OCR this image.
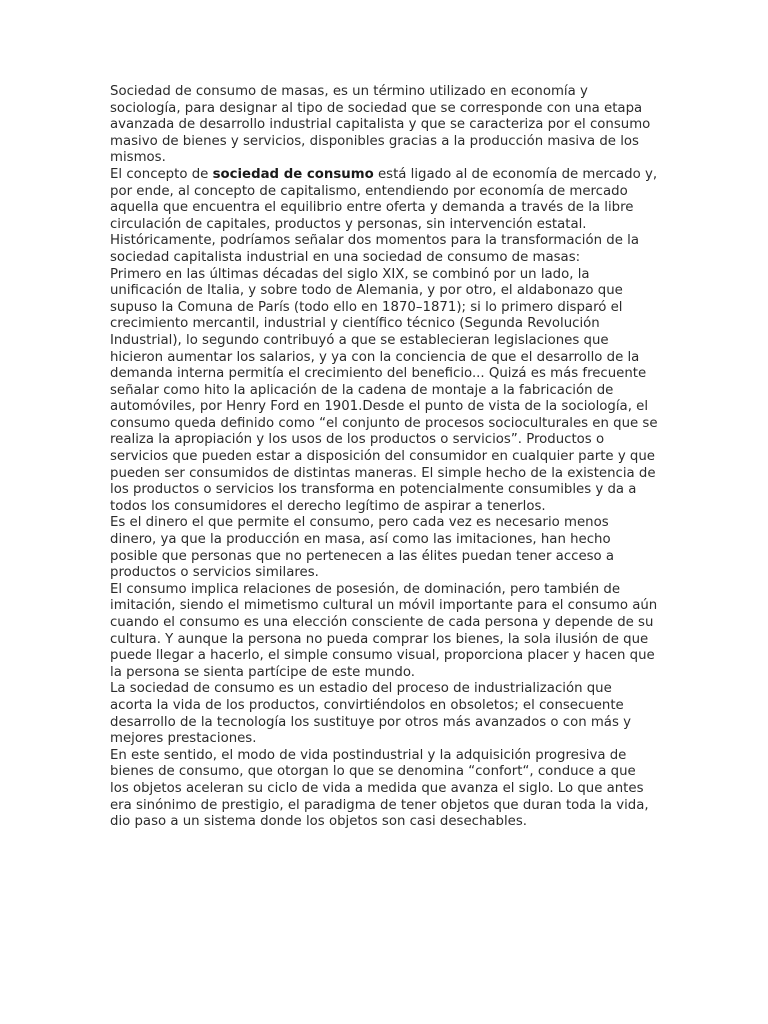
Sociedad de consumo de masas, es un término utilizado en economía y sociología, para designar al tipo de sociedad que se corresponde con una etapa avanzada de desarrollo industrial capitalista y que se caracteriza por el consumo masivo de bienes y servicios, disponibles gracias a la producción masiva de los mismos.

El concepto de sociedad de consumo está ligado al de economía de mercado y, por ende, al concepto de capitalismo, entendiendo por economía de mercado aquella que encuentra el equilibrio entre oferta y demanda a través de la libre circulación de capitales, productos y personas, sin intervención estatal. Históricamente, podríamos señalar dos momentos para la transformación de la sociedad capitalista industrial en una sociedad de consumo de masas:

Primero en las últimas décadas del siglo XIX, se combinó por un lado, la unificación de Italia, y sobre todo de Alemania, y por otro, el aldabonazo que supuso la Comuna de París (todo ello en 1870–1871); si lo primero disparó el crecimiento mercantil, industrial y científico técnico (Segunda Revolución Industrial), lo segundo contribuyó a que se establecieran legislaciones que hicieron aumentar los salarios, y ya con la conciencia de que el desarrollo de la demanda interna permitía el crecimiento del beneficio... Quizá es más frecuente señalar como hito la aplicación de la cadena de montaje a la fabricación de automóviles, por Henry Ford en 1901.Desde el punto de vista de la sociología, el consumo queda definido como “el conjunto de procesos socioculturales en que se realiza la apropiación y los usos de los productos o servicios”. Productos o servicios que pueden estar a disposición del consumidor en cualquier parte y que pueden ser consumidos de distintas maneras. El simple hecho de la existencia de los productos o servicios los transforma en potencialmente consumibles y da a todos los consumidores el derecho legítimo de aspirar a tenerlos.

Es el dinero el que permite el consumo, pero cada vez es necesario menos dinero, ya que la producción en masa, así como las imitaciones, han hecho posible que personas que no pertenecen a las élites puedan tener acceso a productos o servicios similares.

El consumo implica relaciones de posesión, de dominación, pero también de imitación, siendo el mimetismo cultural un móvil importante para el consumo aún cuando el consumo es una elección consciente de cada persona y depende de su cultura. Y aunque la persona no pueda comprar los bienes, la sola ilusión de que puede llegar a hacerlo, el simple consumo visual, proporciona placer y hacen que la persona se sienta partícipe de este mundo.

La sociedad de consumo es un estadio del proceso de industrialización que acorta la vida de los productos, convirtiéndolos en obsoletos; el consecuente desarrollo de la tecnología los sustituye por otros más avanzados o con más y mejores prestaciones.

En este sentido, el modo de vida postindustrial y la adquisición progresiva de bienes de consumo, que otorgan lo que se denomina “confort“, conduce a que los objetos aceleran su ciclo de vida a medida que avanza el siglo. Lo que antes era sinónimo de prestigio, el paradigma de tener objetos que duran toda la vida, dio paso a un sistema donde los objetos son casi desechables.
